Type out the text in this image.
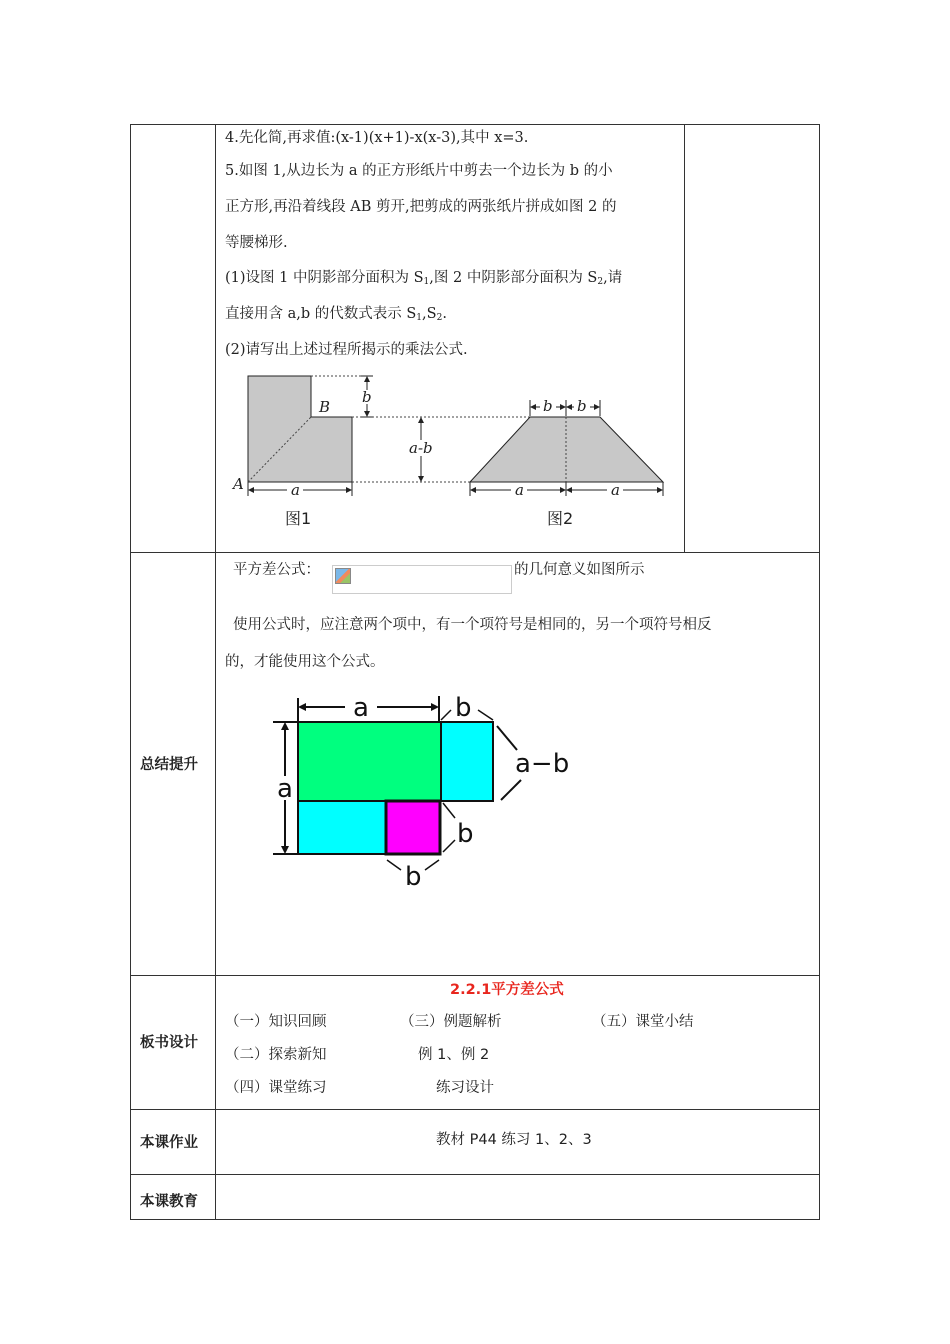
4.先化简,再求值:(x-1)(x+1)-x(x-3),其中 x=3.
5.如图 1,从边长为 a 的正方形纸片中剪去一个边长为 b 的小
正方形,再沿着线段 AB 剪开,把剪成的两张纸片拼成如图 2 的
等腰梯形.
(1)设图 1 中阴影部分面积为 $S_1$,图 2 中阴影部分面积为 $S_2$,请
直接用含 a,b 的代数式表示 $S_1,S_2$.
(2)请写出上述过程所揭示的乘法公式.
A
B
a
b
a-b
b b
a	a
图1	图2
总结提升
平方差公式：	的几何意义如图所示
使用公式时，应注意两个项中，有一个项符号是相同的，另一个项符号相反
的，才能使用这个公式。
a
a
b
a−b
b
b
板书设计
2.2.1平方差公式
（一）知识回顾	（三）例题解析	（五）课堂小结
（二）探索新知	例 1、例 2
（四）课堂练习	练习设计
本课作业	教材 P44 练习 1、2、3
本课教育
